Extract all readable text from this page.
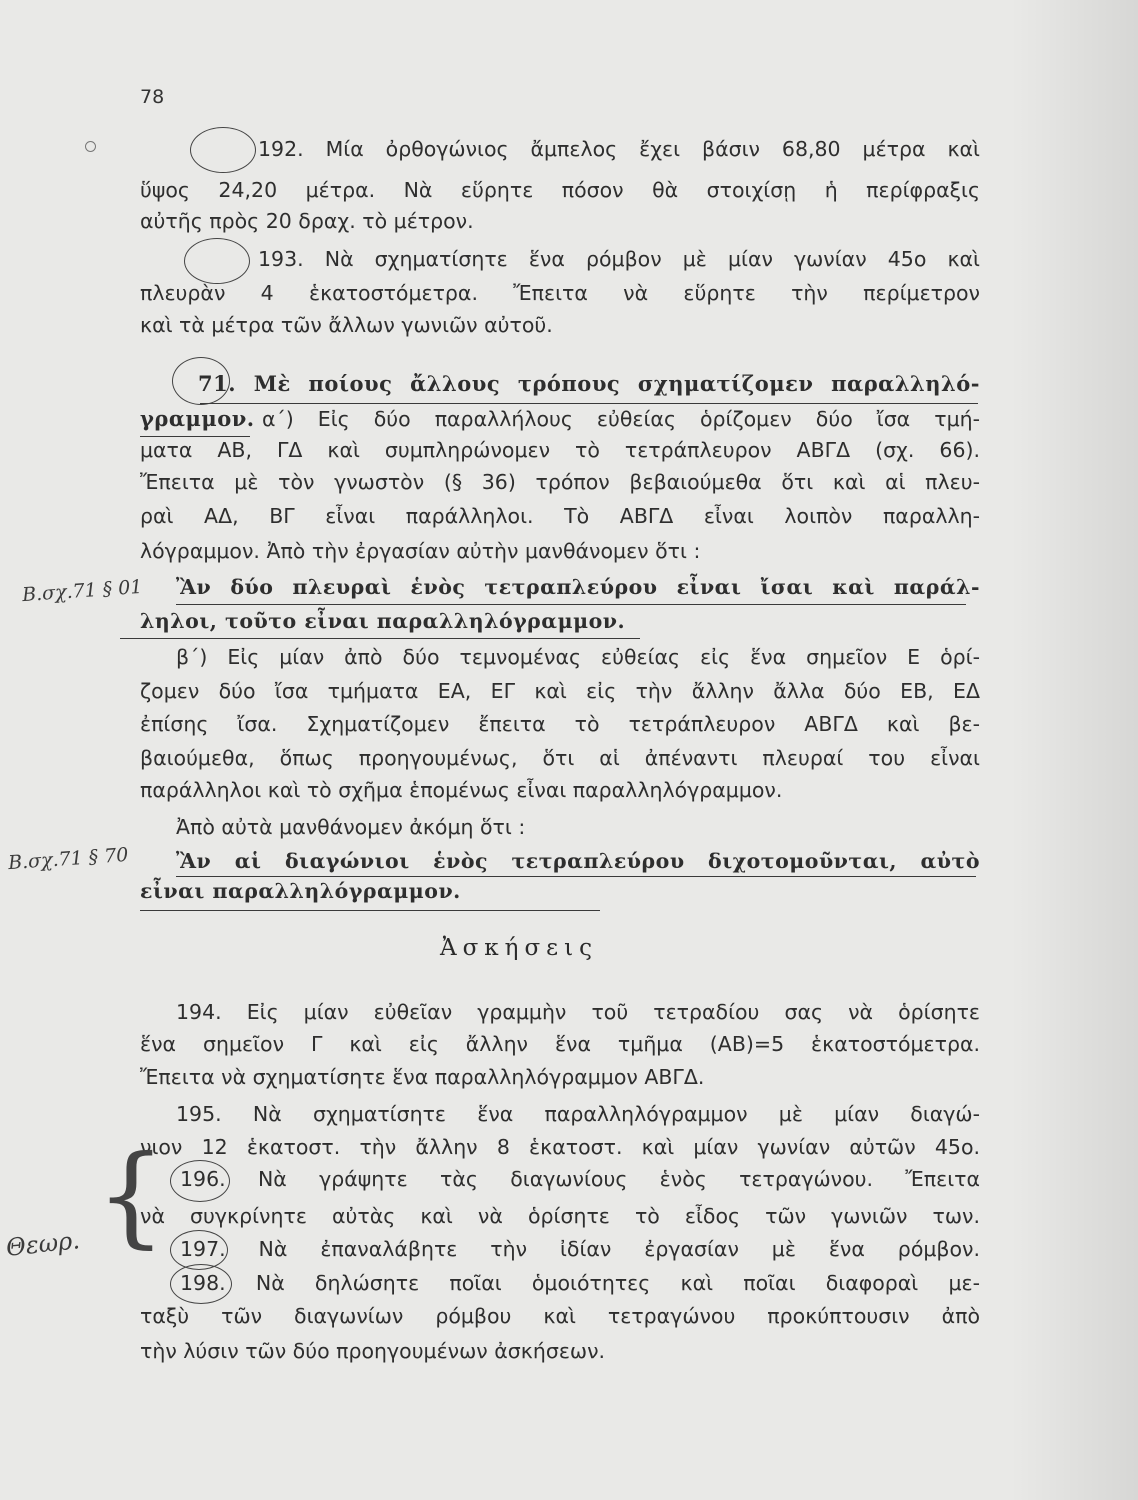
78
192. Μία ὀρθογώνιος ἄμπελος ἔχει βάσιν 68,80 μέτρα καὶ
ὕψος 24,20 μέτρα. Νὰ εὕρητε πόσον θὰ στοιχίσῃ ἡ περίφραξις
αὐτῆς πρὸς 20 δραχ. τὸ μέτρον.
193. Νὰ σχηματίσητε ἕνα ρόμβον μὲ μίαν γωνίαν 45ο καὶ
πλευρὰν 4 ἑκατοστόμετρα. Ἔπειτα νὰ εὕρητε τὴν περίμετρον
καὶ τὰ μέτρα τῶν ἄλλων γωνιῶν αὐτοῦ.
71. Μὲ ποίους ἄλλους τρόπους σχηματίζομεν παραλληλό-
γραμμον. α΄) Εἰς δύο παραλλήλους εὐθείας ὁρίζομεν δύο ἴσα τμή-
ματα ΑΒ, ΓΔ καὶ συμπληρώνομεν τὸ τετράπλευρον ΑΒΓΔ (σχ. 66).
Ἔπειτα μὲ τὸν γνωστὸν (§ 36) τρόπον βεβαιούμεθα ὅτι καὶ αἱ πλευ-
ραὶ ΑΔ, ΒΓ εἶναι παράλληλοι. Τὸ ΑΒΓΔ εἶναι λοιπὸν παραλλη-
λόγραμμον. Ἀπὸ τὴν ἐργασίαν αὐτὴν μανθάνομεν ὅτι :
Ἂν δύο πλευραὶ ἑνὸς τετραπλεύρου εἶναι ἴσαι καὶ παράλ-
ληλοι, τοῦτο εἶναι παραλληλόγραμμον.
β΄) Εἰς μίαν ἀπὸ δύο τεμνομένας εὐθείας εἰς ἕνα σημεῖον Ε ὁρί-
ζομεν δύο ἴσα τμήματα ΕΑ, ΕΓ καὶ εἰς τὴν ἄλλην ἄλλα δύο ΕΒ, ΕΔ
ἐπίσης ἴσα. Σχηματίζομεν ἔπειτα τὸ τετράπλευρον ΑΒΓΔ καὶ βε-
βαιούμεθα, ὅπως προηγουμένως, ὅτι αἱ ἀπέναντι πλευραί του εἶναι
παράλληλοι καὶ τὸ σχῆμα ἑπομένως εἶναι παραλληλόγραμμον.
Ἀπὸ αὐτὰ μανθάνομεν ἀκόμη ὅτι :
Ἂν αἱ διαγώνιοι ἑνὸς τετραπλεύρου διχοτομοῦνται, αὐτὸ
εἶναι παραλληλόγραμμον.
Ἀσκήσεις
194. Εἰς μίαν εὐθεῖαν γραμμὴν τοῦ τετραδίου σας νὰ ὁρίσητε
ἕνα σημεῖον Γ καὶ εἰς ἄλλην ἕνα τμῆμα (ΑΒ)=5 ἑκατοστόμετρα.
Ἔπειτα νὰ σχηματίσητε ἕνα παραλληλόγραμμον ΑΒΓΔ.
195. Νὰ σχηματίσητε ἕνα παραλληλόγραμμον μὲ μίαν διαγώ-
νιον 12 ἑκατοστ. τὴν ἄλλην 8 ἑκατοστ. καὶ μίαν γωνίαν αὐτῶν 45ο.
196. Νὰ γράψητε τὰς διαγωνίους ἑνὸς τετραγώνου. Ἔπειτα
νὰ συγκρίνητε αὐτὰς καὶ νὰ ὁρίσητε τὸ εἶδος τῶν γωνιῶν των.
197. Νὰ ἐπαναλάβητε τὴν ἰδίαν ἐργασίαν μὲ ἕνα ρόμβον.
198. Νὰ δηλώσητε ποῖαι ὁμοιότητες καὶ ποῖαι διαφοραὶ με-
ταξὺ τῶν διαγωνίων ρόμβου καὶ τετραγώνου προκύπτουσιν ἀπὸ
τὴν λύσιν τῶν δύο προηγουμένων ἀσκήσεων.
Β.σχ.71 § 01
Β.σχ.71 § 70
{
Θεωρ.
